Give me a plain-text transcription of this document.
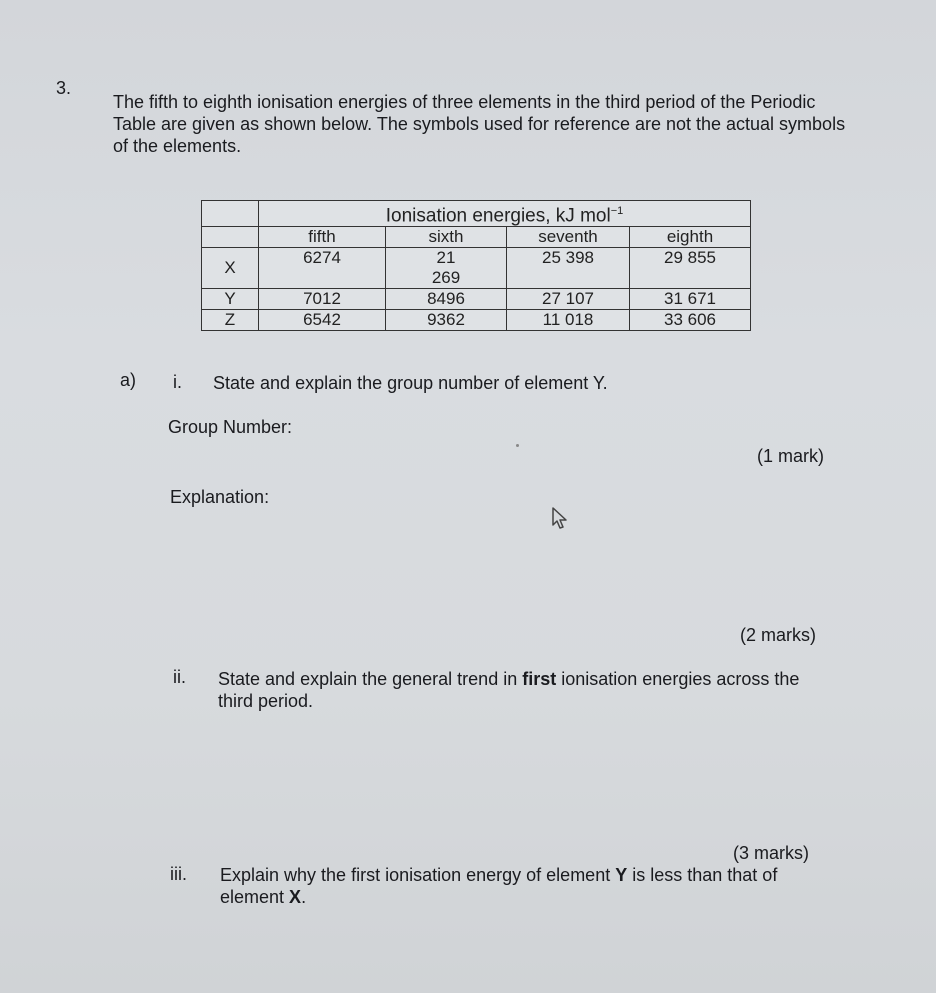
3.
The fifth to eighth ionisation energies of three elements in the third period of the Periodic Table are given as shown below. The symbols used for reference are not the actual symbols of the elements.
	Ionisation energies, kJ mol$^{-1}$
	fifth	sixth	seventh	eighth
X	6274	21 269	25 398	29 855
Y	7012	8496	27 107	31 671
Z	6542	9362	11 018	33 606
a) i. State and explain the group number of element Y.
Group Number:
(1 mark)
Explanation:
(2 marks)
ii. State and explain the general trend in first ionisation energies across the third period.
(3 marks)
iii. Explain why the first ionisation energy of element Y is less than that of element X.
